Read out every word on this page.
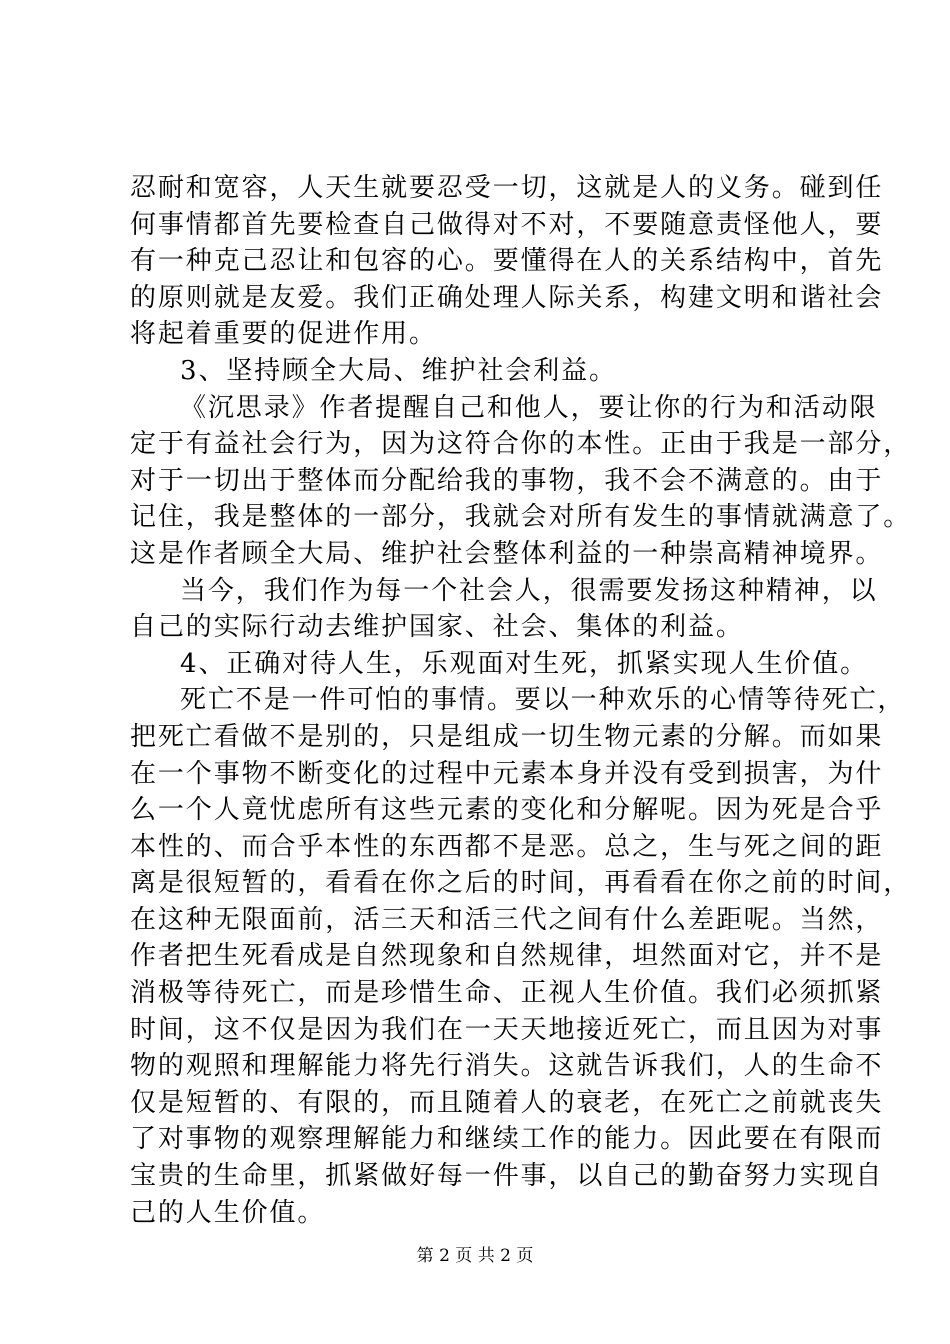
忍耐和宽容，人天生就要忍受一切，这就是人的义务。碰到任
何事情都首先要检查自己做得对不对，不要随意责怪他人，要
有一种克己忍让和包容的心。要懂得在人的关系结构中，首先
的原则就是友爱。我们正确处理人际关系，构建文明和谐社会
将起着重要的促进作用。
3、坚持顾全大局、维护社会利益。
《沉思录》作者提醒自己和他人，要让你的行为和活动限
定于有益社会行为，因为这符合你的本性。正由于我是一部分，
对于一切出于整体而分配给我的事物，我不会不满意的。由于
记住，我是整体的一部分，我就会对所有发生的事情就满意了。
这是作者顾全大局、维护社会整体利益的一种崇高精神境界。
当今，我们作为每一个社会人，很需要发扬这种精神，以
自己的实际行动去维护国家、社会、集体的利益。
4、正确对待人生，乐观面对生死，抓紧实现人生价值。
死亡不是一件可怕的事情。要以一种欢乐的心情等待死亡，
把死亡看做不是别的，只是组成一切生物元素的分解。而如果
在一个事物不断变化的过程中元素本身并没有受到损害，为什
么一个人竟忧虑所有这些元素的变化和分解呢。因为死是合乎
本性的、而合乎本性的东西都不是恶。总之，生与死之间的距
离是很短暂的，看看在你之后的时间，再看看在你之前的时间，
在这种无限面前，活三天和活三代之间有什么差距呢。当然，
作者把生死看成是自然现象和自然规律，坦然面对它，并不是
消极等待死亡，而是珍惜生命、正视人生价值。我们必须抓紧
时间，这不仅是因为我们在一天天地接近死亡，而且因为对事
物的观照和理解能力将先行消失。这就告诉我们，人的生命不
仅是短暂的、有限的，而且随着人的衰老，在死亡之前就丧失
了对事物的观察理解能力和继续工作的能力。因此要在有限而
宝贵的生命里，抓紧做好每一件事，以自己的勤奋努力实现自
己的人生价值。
第 2 页 共 2 页
